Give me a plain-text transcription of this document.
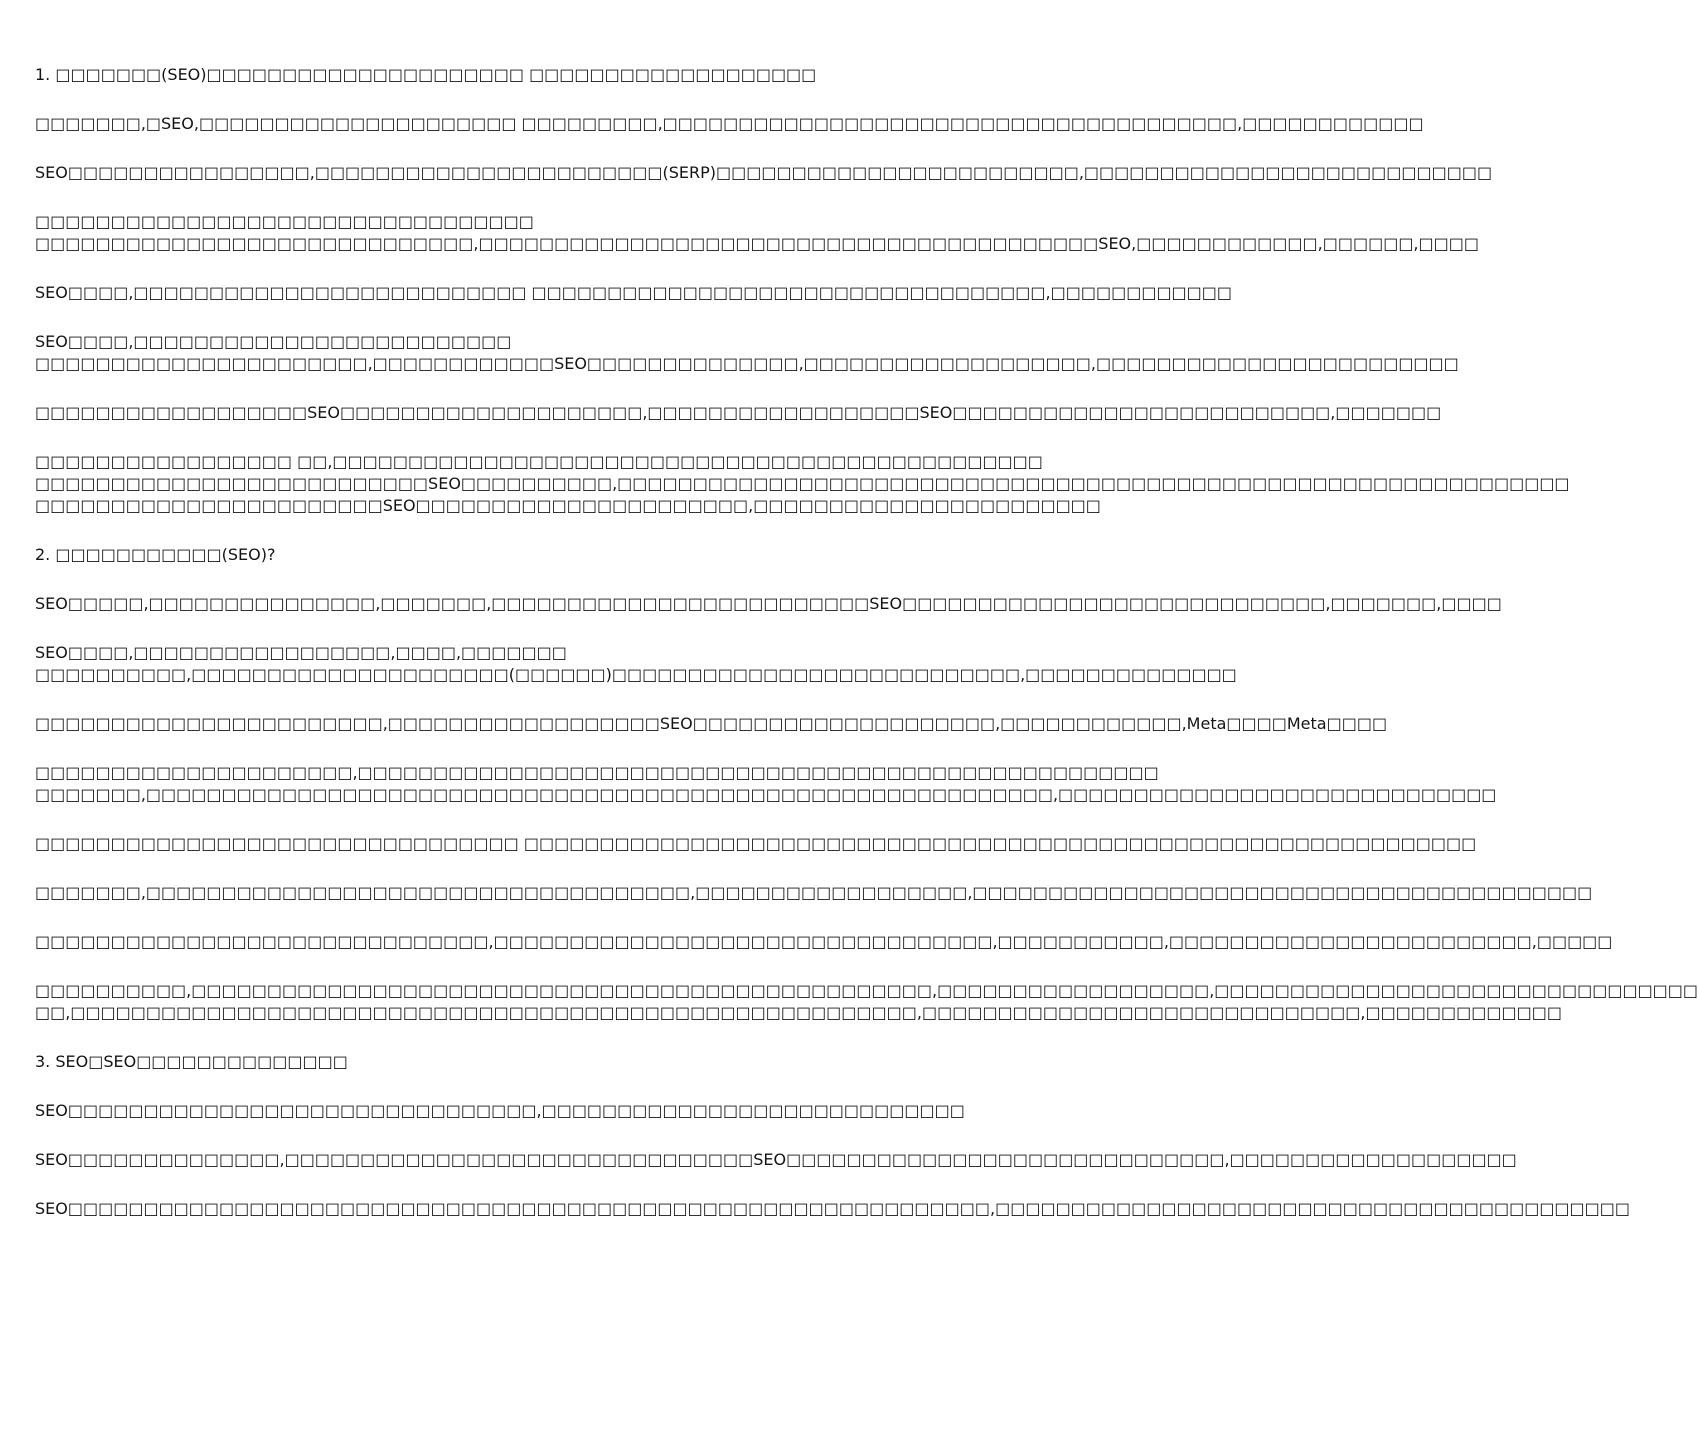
1. □□□□□□□(SEO)□□□□□□□□□□□□□□□□□□□□□ □□□□□□□□□□□□□□□□□□□
□□□□□□□,□SEO,□□□□□□□□□□□□□□□□□□□□□ □□□□□□□□□,□□□□□□□□□□□□□□□□□□□□□□□□□□□□□□□□□□□□□□,□□□□□□□□□□□□
SEO□□□□□□□□□□□□□□□□,□□□□□□□□□□□□□□□□□□□□□□□(SERP)□□□□□□□□□□□□□□□□□□□□□□□□,□□□□□□□□□□□□□□□□□□□□□□□□□□□
□□□□□□□□□□□□□□□□□□□□□□□□□□□□□□□□□
□□□□□□□□□□□□□□□□□□□□□□□□□□□□□,□□□□□□□□□□□□□□□□□□□□□□□□□□□□□□□□□□□□□□□□□SEO,□□□□□□□□□□□□,□□□□□□,□□□□
SEO□□□□,□□□□□□□□□□□□□□□□□□□□□□□□□□ □□□□□□□□□□□□□□□□□□□□□□□□□□□□□□□□□□,□□□□□□□□□□□□
SEO□□□□,□□□□□□□□□□□□□□□□□□□□□□□□□
□□□□□□□□□□□□□□□□□□□□□□,□□□□□□□□□□□□SEO□□□□□□□□□□□□□□,□□□□□□□□□□□□□□□□□□□,□□□□□□□□□□□□□□□□□□□□□□□□
□□□□□□□□□□□□□□□□□□SEO□□□□□□□□□□□□□□□□□□□□,□□□□□□□□□□□□□□□□□□SEO□□□□□□□□□□□□□□□□□□□□□□□□□,□□□□□□□
□□□□□□□□□□□□□□□□□ □□,□□□□□□□□□□□□□□□□□□□□□□□□□□□□□□□□□□□□□□□□□□□□□□□
□□□□□□□□□□□□□□□□□□□□□□□□□□SEO□□□□□□□□□□,□□□□□□□□□□□□□□□□□□□□□□□□□□□□□□□□□□□□□□□□□□□□□□□□□□□□□□□□□□□□□□□
□□□□□□□□□□□□□□□□□□□□□□□SEO□□□□□□□□□□□□□□□□□□□□□□,□□□□□□□□□□□□□□□□□□□□□□□
2. □□□□□□□□□□□(SEO)?
SEO□□□□□,□□□□□□□□□□□□□□□,□□□□□□□,□□□□□□□□□□□□□□□□□□□□□□□□□SEO□□□□□□□□□□□□□□□□□□□□□□□□□□□□,□□□□□□□,□□□□
SEO□□□□,□□□□□□□□□□□□□□□□□,□□□□,□□□□□□□
□□□□□□□□□□,□□□□□□□□□□□□□□□□□□□□□(□□□□□□)□□□□□□□□□□□□□□□□□□□□□□□□□□□,□□□□□□□□□□□□□□
□□□□□□□□□□□□□□□□□□□□□□□,□□□□□□□□□□□□□□□□□□SEO□□□□□□□□□□□□□□□□□□□□,□□□□□□□□□□□□,Meta□□□□Meta□□□□
□□□□□□□□□□□□□□□□□□□□□,□□□□□□□□□□□□□□□□□□□□□□□□□□□□□□□□□□□□□□□□□□□□□□□□□□□□□
□□□□□□□,□□□□□□□□□□□□□□□□□□□□□□□□□□□□□□□□□□□□□□□□□□□□□□□□□□□□□□□□□□□□,□□□□□□□□□□□□□□□□□□□□□□□□□□□□□
□□□□□□□□□□□□□□□□□□□□□□□□□□□□□□□□ □□□□□□□□□□□□□□□□□□□□□□□□□□□□□□□□□□□□□□□□□□□□□□□□□□□□□□□□□□□□□□□
□□□□□□□,□□□□□□□□□□□□□□□□□□□□□□□□□□□□□□□□□□□□,□□□□□□□□□□□□□□□□□□,□□□□□□□□□□□□□□□□□□□□□□□□□□□□□□□□□□□□□□□□□
□□□□□□□□□□□□□□□□□□□□□□□□□□□□□□,□□□□□□□□□□□□□□□□□□□□□□□□□□□□□□□□□,□□□□□□□□□□□,□□□□□□□□□□□□□□□□□□□□□□□□,□□□□□
□□□□□□□□□□,□□□□□□□□□□□□□□□□□□□□□□□□□□□□□□□□□□□□□□□□□□□□□□□□□,□□□□□□□□□□□□□□□□□□,□□□□□□□□□□□□□□□□□□□□□□□□□□□□□□□□
□□,□□□□□□□□□□□□□□□□□□□□□□□□□□□□□□□□□□□□□□□□□□□□□□□□□□□□□□□□,□□□□□□□□□□□□□□□□□□□□□□□□□□□□□,□□□□□□□□□□□□□
3. SEO□SEO□□□□□□□□□□□□□□
SEO□□□□□□□□□□□□□□□□□□□□□□□□□□□□□□□,□□□□□□□□□□□□□□□□□□□□□□□□□□□□
SEO□□□□□□□□□□□□□□,□□□□□□□□□□□□□□□□□□□□□□□□□□□□□□□SEO□□□□□□□□□□□□□□□□□□□□□□□□□□□□□,□□□□□□□□□□□□□□□□□□□
SEO□□□□□□□□□□□□□□□□□□□□□□□□□□□□□□□□□□□□□□□□□□□□□□□□□□□□□□□□□□□□□,□□□□□□□□□□□□□□□□□□□□□□□□□□□□□□□□□□□□□□□□□□
